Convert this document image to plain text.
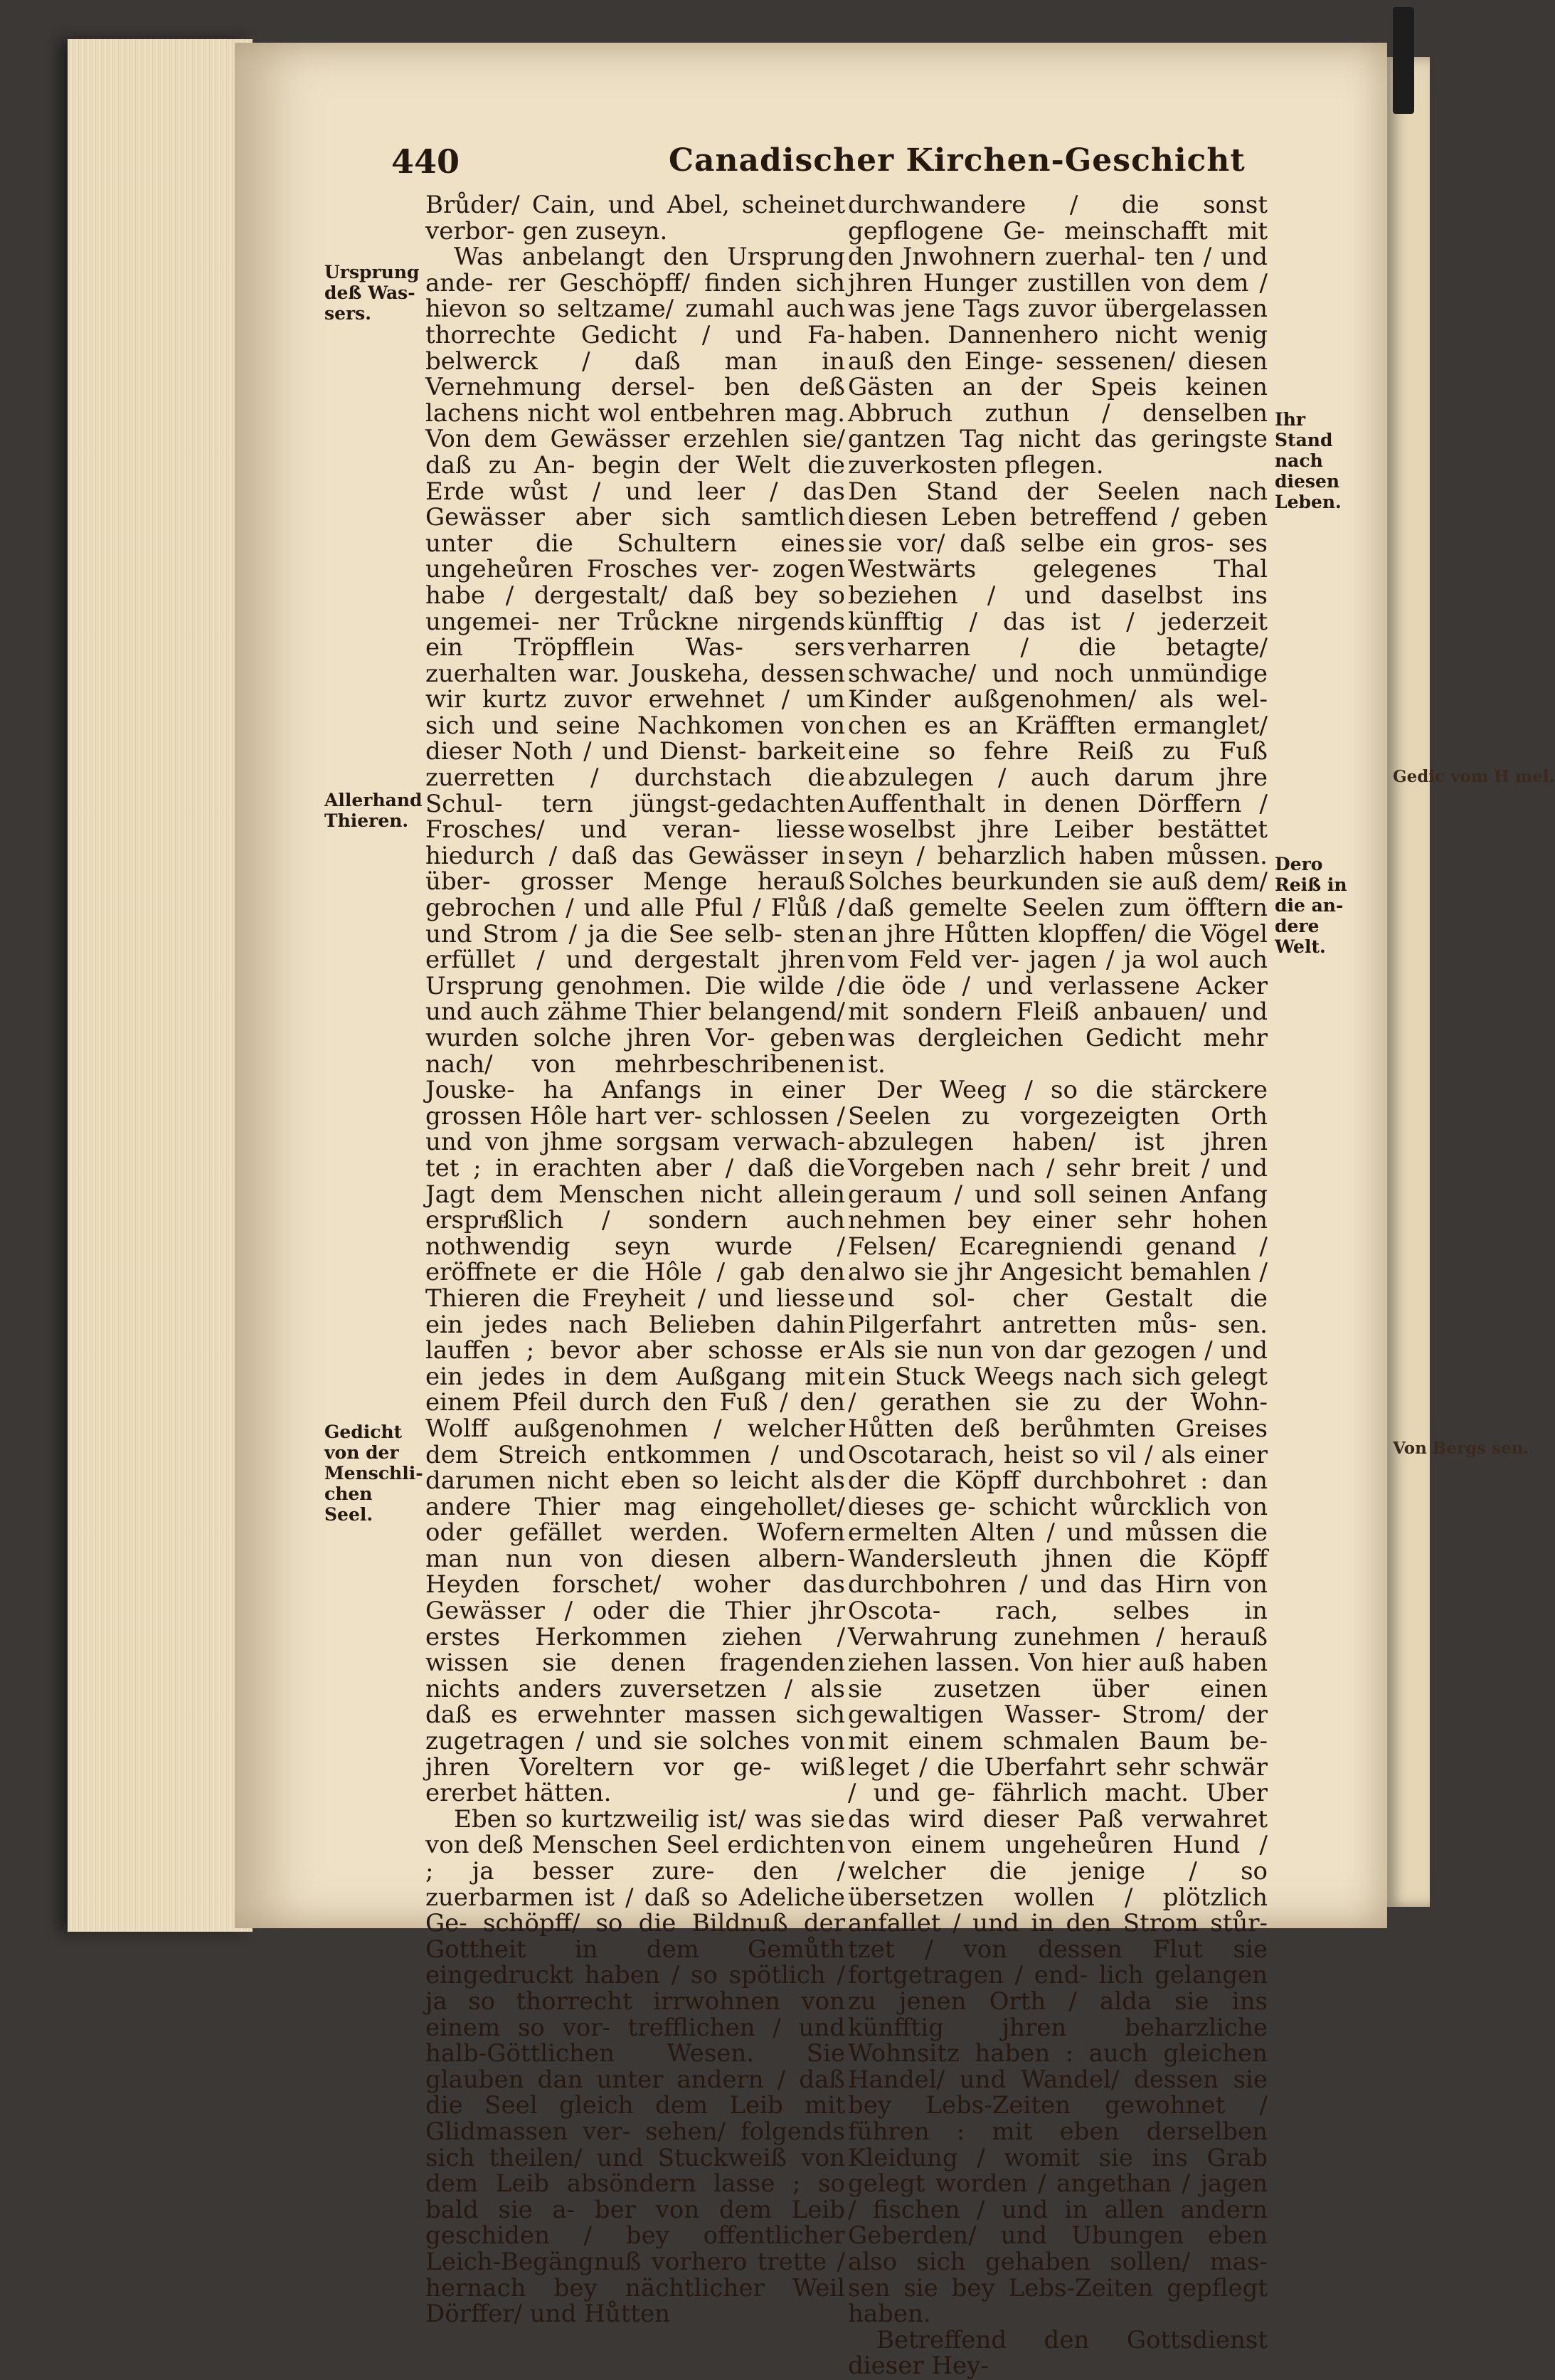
440	Canadischer Kirchen-Geschicht

Brůder/ Cain, und Abel, scheinet verbor- gen zuseyn.

Was anbelangt den Ursprung ande- rer Geschöpff/ finden sich hievon so seltzame/ zumahl auch thorrechte Gedicht / und Fa- belwerck / daß man in Vernehmung dersel- ben deß lachens nicht wol entbehren mag. Von dem Gewässer erzehlen sie/ daß zu An- begin der Welt die Erde wůst / und leer / das Gewässer aber sich samtlich unter die Schultern eines ungeheůren Frosches ver- zogen habe / dergestalt/ daß bey so ungemei- ner Trůckne nirgends ein Tröpfflein Was- sers zuerhalten war. Jouskeha, dessen wir kurtz zuvor erwehnet / um sich und seine Nachkomen von dieser Noth / und Dienst- barkeit zuerretten / durchstach die Schul- tern jüngst-gedachten Frosches/ und veran- liesse hiedurch / daß das Gewässer in über- grosser Menge herauß gebrochen / und alle Pful / Flůß / und Strom / ja die See selb- sten erfüllet / und dergestalt jhren Ursprung genohmen. Die wilde / und auch zähme Thier belangend/ wurden solche jhren Vor- geben nach/ von mehrbeschribenen Jouske- ha Anfangs in einer grossen Hôle hart ver- schlossen / und von jhme sorgsam verwach- tet ; in erachten aber / daß die Jagt dem Menschen nicht allein erspruͤßlich / sondern auch nothwendig seyn wurde / eröffnete er die Hôle / gab den Thieren die Freyheit / und liesse ein jedes nach Belieben dahin lauffen ; bevor aber schosse er ein jedes in dem Außgang mit einem Pfeil durch den Fuß / den Wolff außgenohmen / welcher dem Streich entkommen / und darumen nicht eben so leicht als andere Thier mag eingehollet/ oder gefället werden. Wofern man nun von diesen albern-Heyden forschet/ woher das Gewässer / oder die Thier jhr erstes Herkommen ziehen / wissen sie denen fragenden nichts anders zuversetzen / als daß es erwehnter massen sich zugetragen / und sie solches von jhren Voreltern vor ge- wiß ererbet hätten.

Eben so kurtzweilig ist/ was sie von deß Menschen Seel erdichten ; ja besser zure- den / zuerbarmen ist / daß so Adeliche Ge- schöpff/ so die Bildnuß der Gottheit in dem Gemůth eingedruckt haben / so spötlich / ja so thorrecht irrwohnen von einem so vor- trefflichen / und halb-Göttlichen Wesen. Sie glauben dan unter andern / daß die Seel gleich dem Leib mit Glidmassen ver- sehen/ folgends sich theilen/ und Stuckweiß von dem Leib absöndern lasse ; so bald sie a- ber von dem Leib geschiden / bey offentlicher Leich-Begängnuß vorhero trette / hernach bey nächtlicher Weil Dörffer/ und Hůtten

durchwandere / die sonst gepflogene Ge- meinschafft mit den Jnwohnern zuerhal- ten / und jhren Hunger zustillen von dem / was jene Tags zuvor übergelassen haben. Dannenhero nicht wenig auß den Einge- sessenen/ diesen Gästen an der Speis keinen Abbruch zuthun / denselben gantzen Tag nicht das geringste zuverkosten pflegen.

Den Stand der Seelen nach diesen Leben betreffend / geben sie vor/ daß selbe ein gros- ses Westwärts gelegenes Thal beziehen / und daselbst ins künfftig / das ist / jederzeit verharren / die betagte/ schwache/ und noch unmündige Kinder außgenohmen/ als wel- chen es an Kräfften ermanglet/ eine so fehre Reiß zu Fuß abzulegen / auch darum jhre Auffenthalt in denen Dörffern / woselbst jhre Leiber bestättet seyn / beharzlich haben můssen. Solches beurkunden sie auß dem/ daß gemelte Seelen zum öfftern an jhre Hůtten klopffen/ die Vögel vom Feld ver- jagen / ja wol auch die öde / und verlassene Acker mit sondern Fleiß anbauen/ und was dergleichen Gedicht mehr ist.

Der Weeg / so die stärckere Seelen zu vorgezeigten Orth abzulegen haben/ ist jhren Vorgeben nach / sehr breit / und geraum / und soll seinen Anfang nehmen bey einer sehr hohen Felsen/ Ecaregniendi genand / alwo sie jhr Angesicht bemahlen / und sol- cher Gestalt die Pilgerfahrt antretten můs- sen. Als sie nun von dar gezogen / und ein Stuck Weegs nach sich gelegt / gerathen sie zu der Wohn-Hůtten deß berůhmten Greises Oscotarach, heist so vil / als einer der die Köpff durchbohret : dan dieses ge- schicht wůrcklich von ermelten Alten / und můssen die Wandersleuth jhnen die Köpff durchbohren / und das Hirn von Oscota- rach, selbes in Verwahrung zunehmen / herauß ziehen lassen. Von hier auß haben sie zusetzen über einen gewaltigen Wasser- Strom/ der mit einem schmalen Baum be- leget / die Uberfahrt sehr schwär / und ge- fährlich macht. Uber das wird dieser Paß verwahret von einem ungeheůren Hund / welcher die jenige / so übersetzen wollen / plötzlich anfallet / und in den Strom stůr- tzet / von dessen Flut sie fortgetragen / end- lich gelangen zu jenen Orth / alda sie ins künfftig jhren beharzliche Wohnsitz haben : auch gleichen Handel/ und Wandel/ dessen sie bey Lebs-Zeiten gewohnet / führen : mit eben derselben Kleidung / womit sie ins Grab gelegt worden / angethan / jagen / fischen / und in allen andern Geberden/ und Ubungen eben also sich gehaben sollen/ mas- sen sie bey Lebs-Zeiten gepflegt haben.

Betreffend den Gottsdienst dieser Hey-

Ursprung deß Was- sers.
Allerhand Thieren.
Gedicht von der Menschli- chen Seel.
Ihr Stand nach diesen Leben.
Dero Reiß in die an- dere Welt.
Gedic vom H mel.
Von Bergs sen.
